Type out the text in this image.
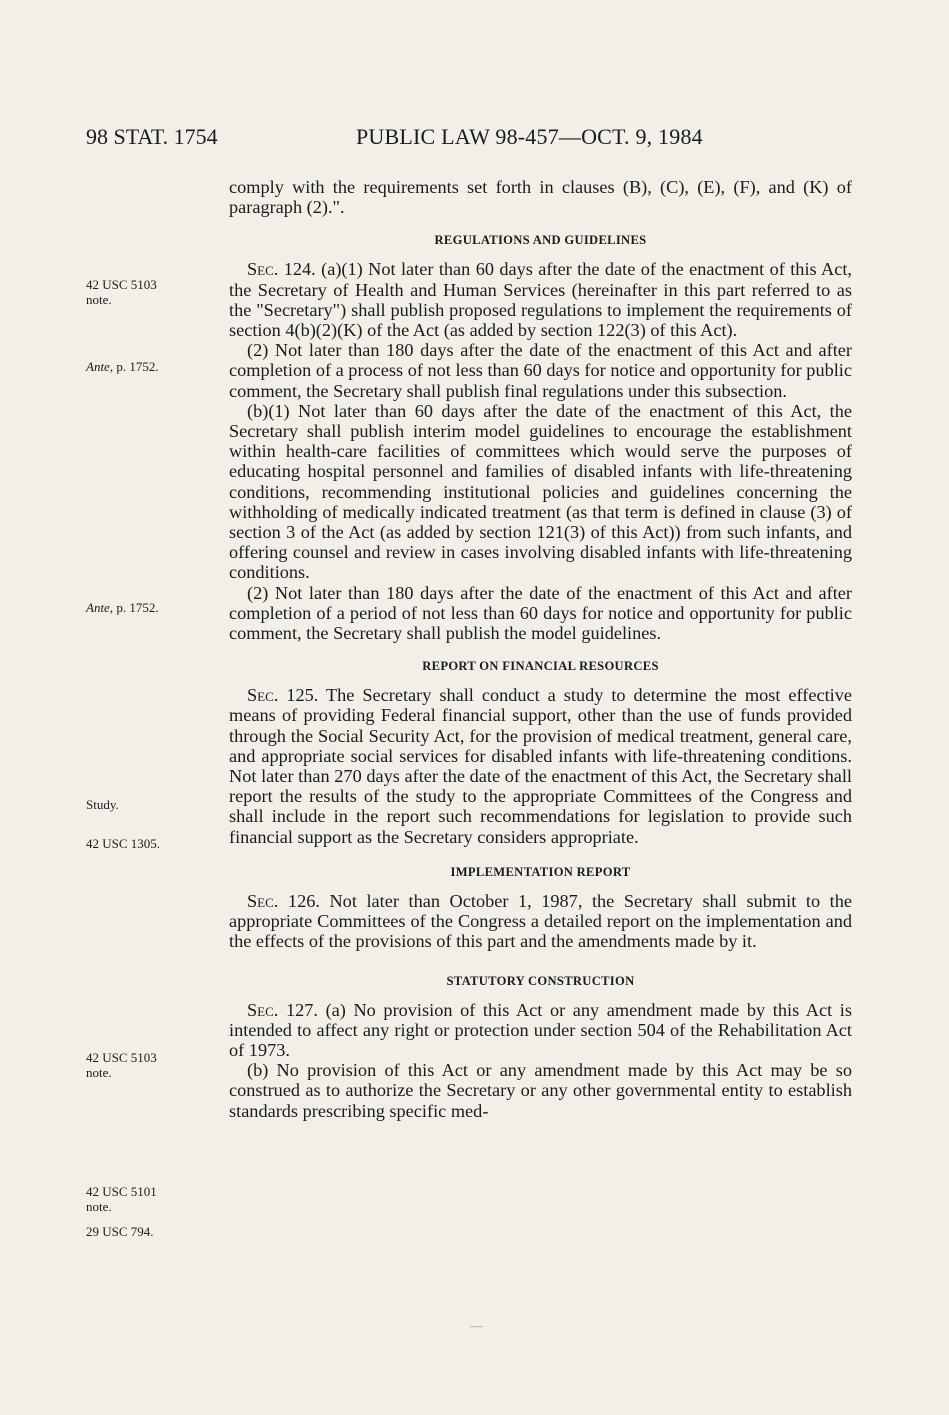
98 STAT. 1754	PUBLIC LAW 98-457—OCT. 9, 1984
42 USC 5103
note.
Ante, p. 1752.
Ante, p. 1752.
Study.
42 USC 1305.
42 USC 5103
note.
42 USC 5101
note.
29 USC 794.

comply with the requirements set forth in clauses (B), (C), (E), (F), and (K) of paragraph (2).".

REGULATIONS AND GUIDELINES

Sec. 124. (a)(1) Not later than 60 days after the date of the enactment of this Act, the Secretary of Health and Human Services (hereinafter in this part referred to as the "Secretary") shall publish proposed regulations to implement the requirements of section 4(b)(2)(K) of the Act (as added by section 122(3) of this Act).

(2) Not later than 180 days after the date of the enactment of this Act and after completion of a process of not less than 60 days for notice and opportunity for public comment, the Secretary shall publish final regulations under this subsection.

(b)(1) Not later than 60 days after the date of the enactment of this Act, the Secretary shall publish interim model guidelines to encourage the establishment within health-care facilities of committees which would serve the purposes of educating hospital personnel and families of disabled infants with life-threatening conditions, recommending institutional policies and guidelines concerning the withholding of medically indicated treatment (as that term is defined in clause (3) of section 3 of the Act (as added by section 121(3) of this Act)) from such infants, and offering counsel and review in cases involving disabled infants with life-threatening conditions.

(2) Not later than 180 days after the date of the enactment of this Act and after completion of a period of not less than 60 days for notice and opportunity for public comment, the Secretary shall publish the model guidelines.

REPORT ON FINANCIAL RESOURCES

Sec. 125. The Secretary shall conduct a study to determine the most effective means of providing Federal financial support, other than the use of funds provided through the Social Security Act, for the provision of medical treatment, general care, and appropriate social services for disabled infants with life-threatening conditions. Not later than 270 days after the date of the enactment of this Act, the Secretary shall report the results of the study to the appropriate Committees of the Congress and shall include in the report such recommendations for legislation to provide such financial support as the Secretary considers appropriate.

IMPLEMENTATION REPORT

Sec. 126. Not later than October 1, 1987, the Secretary shall submit to the appropriate Committees of the Congress a detailed report on the implementation and the effects of the provisions of this part and the amendments made by it.

STATUTORY CONSTRUCTION

Sec. 127. (a) No provision of this Act or any amendment made by this Act is intended to affect any right or protection under section 504 of the Rehabilitation Act of 1973.

(b) No provision of this Act or any amendment made by this Act may be so construed as to authorize the Secretary or any other governmental entity to establish standards prescribing specific med-

—
